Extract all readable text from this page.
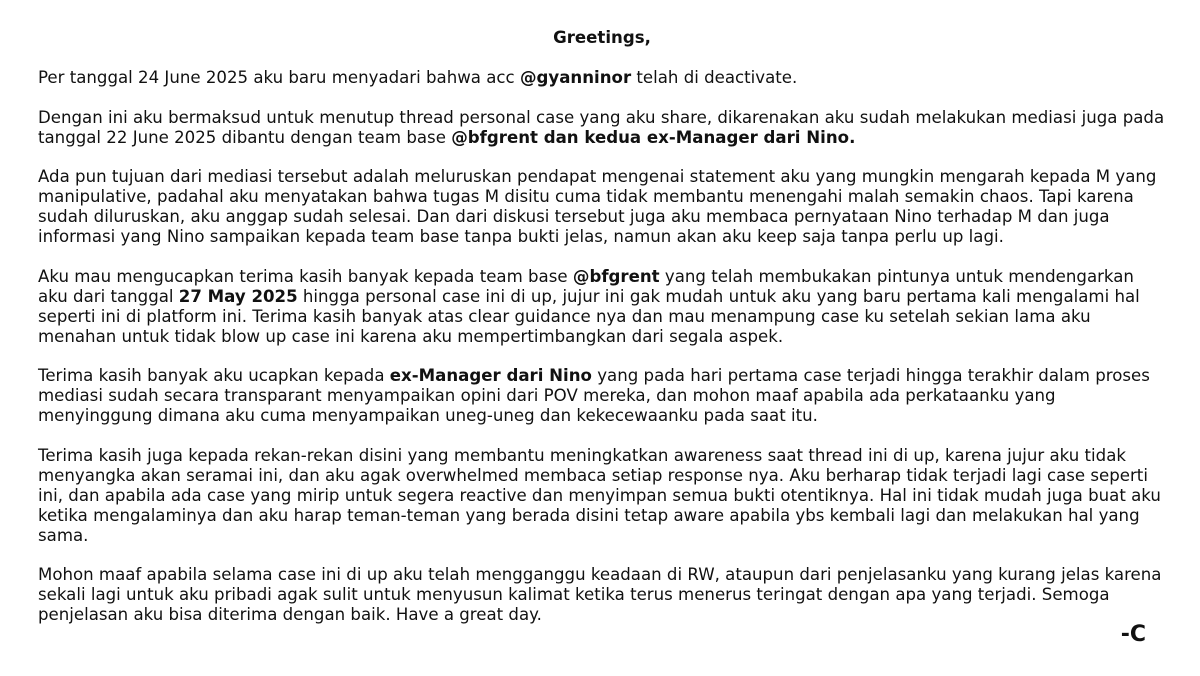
Greetings,

Per tanggal 24 June 2025 aku baru menyadari bahwa acc @gyanninor telah di deactivate.

Dengan ini aku bermaksud untuk menutup thread personal case yang aku share, dikarenakan aku sudah melakukan mediasi juga pada tanggal 22 June 2025 dibantu dengan team base @bfgrent dan kedua ex-Manager dari Nino.

Ada pun tujuan dari mediasi tersebut adalah meluruskan pendapat mengenai statement aku yang mungkin mengarah kepada M yang manipulative, padahal aku menyatakan bahwa tugas M disitu cuma tidak membantu menengahi malah semakin chaos. Tapi karena sudah diluruskan, aku anggap sudah selesai. Dan dari diskusi tersebut juga aku membaca pernyataan Nino terhadap M dan juga informasi yang Nino sampaikan kepada team base tanpa bukti jelas, namun akan aku keep saja tanpa perlu up lagi.

Aku mau mengucapkan terima kasih banyak kepada team base @bfgrent yang telah membukakan pintunya untuk mendengarkan aku dari tanggal 27 May 2025 hingga personal case ini di up, jujur ini gak mudah untuk aku yang baru pertama kali mengalami hal seperti ini di platform ini. Terima kasih banyak atas clear guidance nya dan mau menampung case ku setelah sekian lama aku menahan untuk tidak blow up case ini karena aku mempertimbangkan dari segala aspek.

Terima kasih banyak aku ucapkan kepada ex-Manager dari Nino yang pada hari pertama case terjadi hingga terakhir dalam proses mediasi sudah secara transparant menyampaikan opini dari POV mereka, dan mohon maaf apabila ada perkataanku yang menyinggung dimana aku cuma menyampaikan uneg-uneg dan kekecewaanku pada saat itu.

Terima kasih juga kepada rekan-rekan disini yang membantu meningkatkan awareness saat thread ini di up, karena jujur aku tidak menyangka akan seramai ini, dan aku agak overwhelmed membaca setiap response nya. Aku berharap tidak terjadi lagi case seperti ini, dan apabila ada case yang mirip untuk segera reactive dan menyimpan semua bukti otentiknya. Hal ini tidak mudah juga buat aku ketika mengalaminya dan aku harap teman-teman yang berada disini tetap aware apabila ybs kembali lagi dan melakukan hal yang sama.

Mohon maaf apabila selama case ini di up aku telah mengganggu keadaan di RW, ataupun dari penjelasanku yang kurang jelas karena sekali lagi untuk aku pribadi agak sulit untuk menyusun kalimat ketika terus menerus teringat dengan apa yang terjadi. Semoga penjelasan aku bisa diterima dengan baik. Have a great day.

-C
